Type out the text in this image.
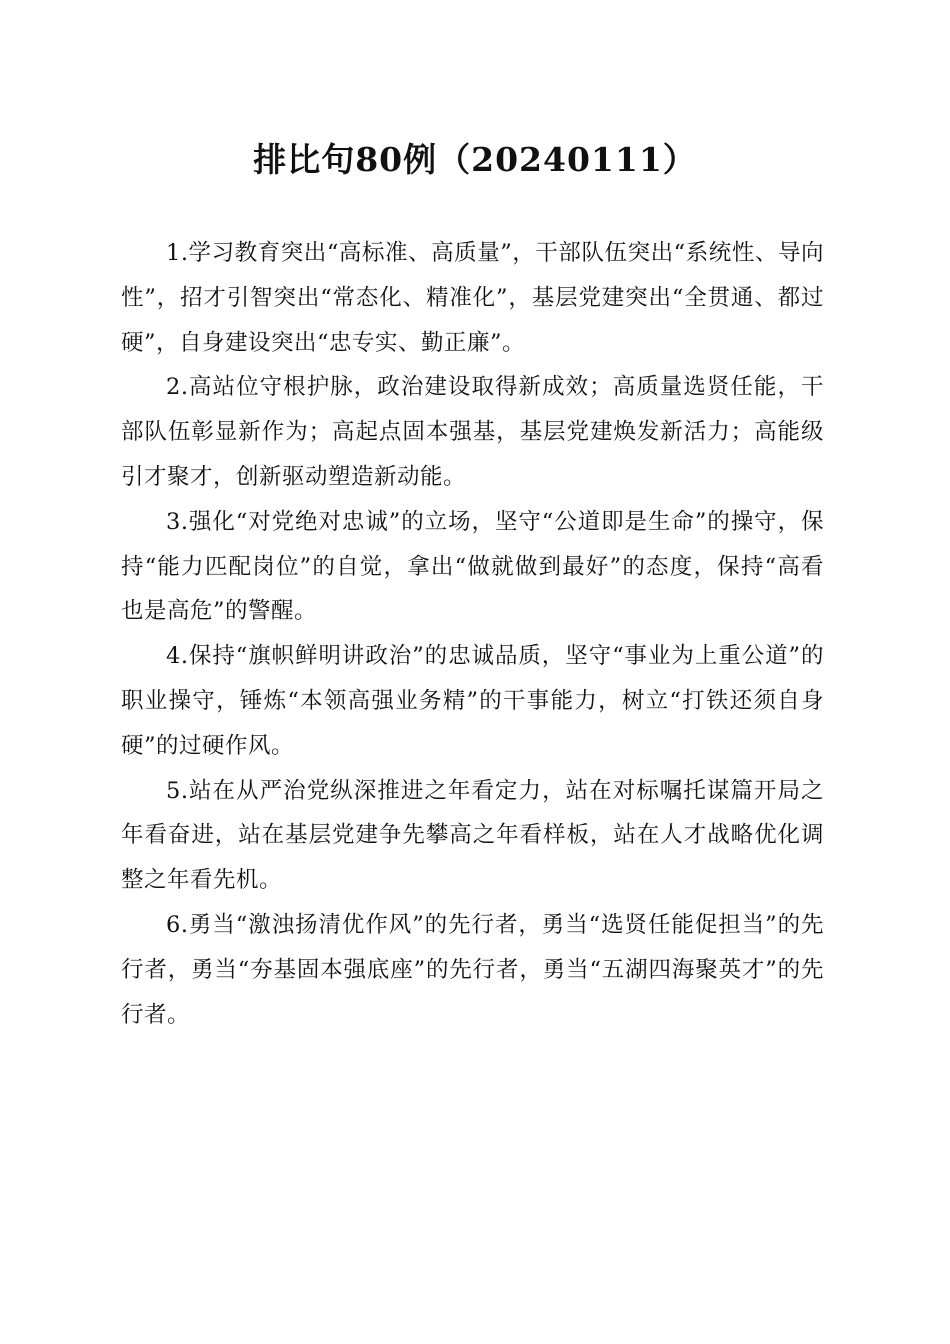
排比句80例（20240111）

1.学习教育突出“高标准、高质量”，干部队伍突出“系统性、导向性”，招才引智突出“常态化、精准化”，基层党建突出“全贯通、都过硬”，自身建设突出“忠专实、勤正廉”。

2.高站位守根护脉，政治建设取得新成效；高质量选贤任能，干部队伍彰显新作为；高起点固本强基，基层党建焕发新活力；高能级引才聚才，创新驱动塑造新动能。

3.强化“对党绝对忠诚”的立场，坚守“公道即是生命”的操守，保持“能力匹配岗位”的自觉，拿出“做就做到最好”的态度，保持“高看也是高危”的警醒。

4.保持“旗帜鲜明讲政治”的忠诚品质，坚守“事业为上重公道”的职业操守，锤炼“本领高强业务精”的干事能力，树立“打铁还须自身硬”的过硬作风。

5.站在从严治党纵深推进之年看定力，站在对标嘱托谋篇开局之年看奋进，站在基层党建争先攀高之年看样板，站在人才战略优化调整之年看先机。

6.勇当“激浊扬清优作风”的先行者，勇当“选贤任能促担当”的先行者，勇当“夯基固本强底座”的先行者，勇当“五湖四海聚英才”的先行者。
